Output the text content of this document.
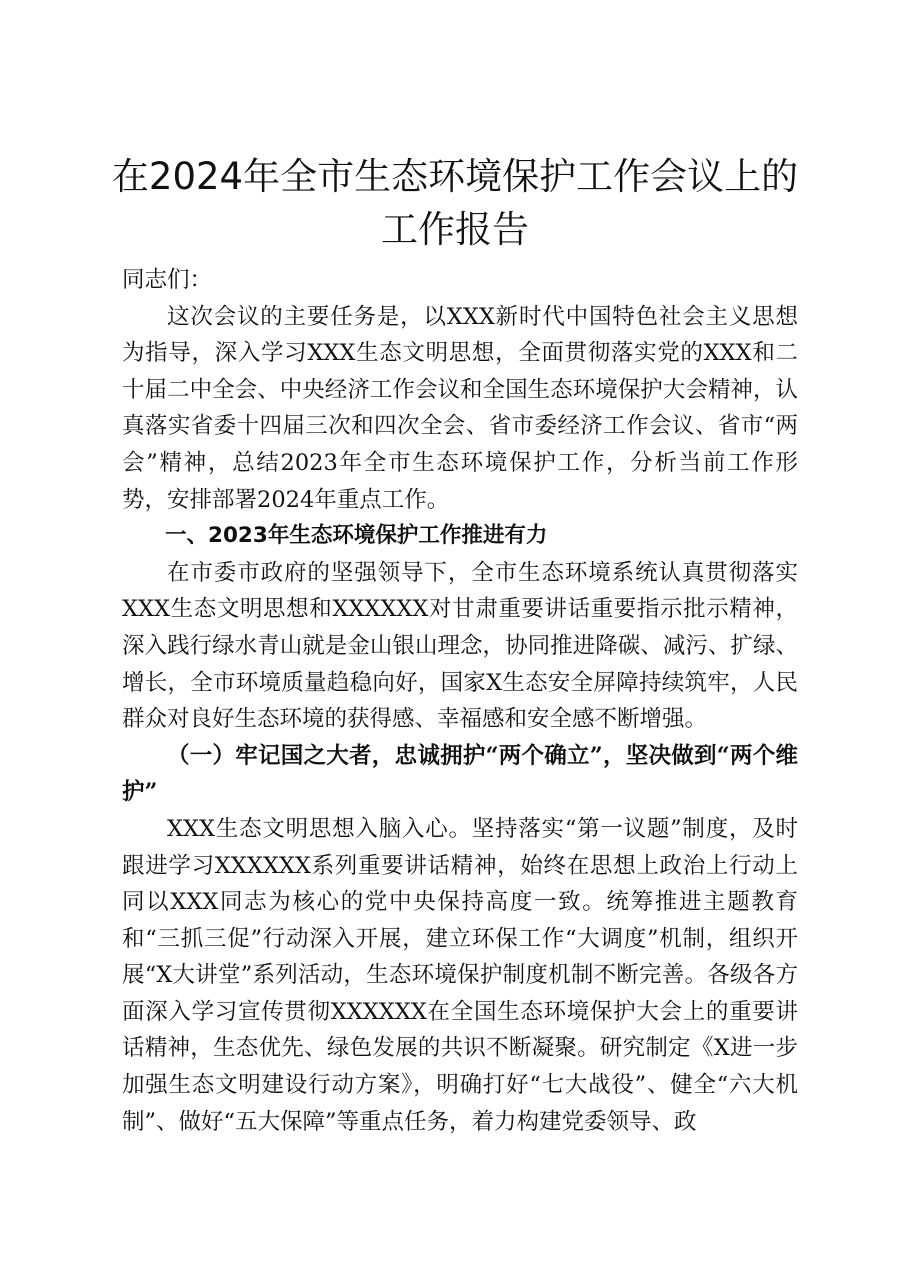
在2024年全市生态环境保护工作会议上的工作报告

同志们：

这次会议的主要任务是，以XXX新时代中国特色社会主义思想为指导，深入学习XXX生态文明思想，全面贯彻落实党的XXX和二十届二中全会、中央经济工作会议和全国生态环境保护大会精神，认真落实省委十四届三次和四次全会、省市委经济工作会议、省市“两会”精神，总结2023年全市生态环境保护工作，分析当前工作形势，安排部署2024年重点工作。

一、2023年生态环境保护工作推进有力

在市委市政府的坚强领导下，全市生态环境系统认真贯彻落实XXX生态文明思想和XXXXXX对甘肃重要讲话重要指示批示精神，深入践行绿水青山就是金山银山理念，协同推进降碳、减污、扩绿、增长，全市环境质量趋稳向好，国家X生态安全屏障持续筑牢，人民群众对良好生态环境的获得感、幸福感和安全感不断增强。

（一）牢记国之大者，忠诚拥护“两个确立”，坚决做到“两个维护”

XXX生态文明思想入脑入心。坚持落实“第一议题”制度，及时跟进学习XXXXXX系列重要讲话精神，始终在思想上政治上行动上同以XXX同志为核心的党中央保持高度一致。统筹推进主题教育和“三抓三促”行动深入开展，建立环保工作“大调度”机制，组织开展“X大讲堂”系列活动，生态环境保护制度机制不断完善。各级各方面深入学习宣传贯彻XXXXXX在全国生态环境保护大会上的重要讲话精神，生态优先、绿色发展的共识不断凝聚。研究制定《X进一步加强生态文明建设行动方案》，明确打好“七大战役”、健全“六大机制”、做好“五大保障”等重点任务，着力构建党委领导、政
